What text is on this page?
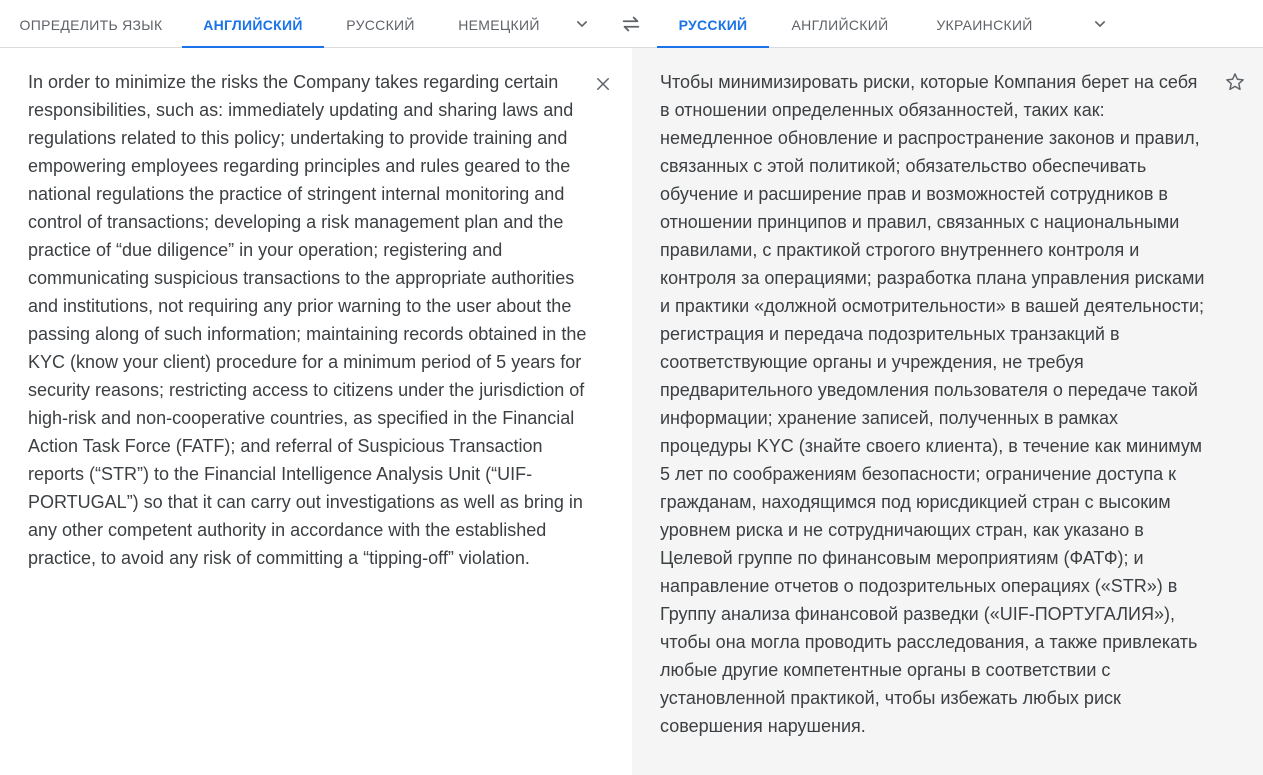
ОПРЕДЕЛИТЬ ЯЗЫК	АНГЛИЙСКИЙ	РУССКИЙ	НЕМЕЦКИЙ	РУССКИЙ	АНГЛИЙСКИЙ	УКРАИНСКИЙ

In order to minimize the risks the Company takes regarding certain responsibilities, such as: immediately updating and sharing laws and regulations related to this policy; undertaking to provide training and empowering employees regarding principles and rules geared to the national regulations the practice of stringent internal monitoring and control of transactions; developing a risk management plan and the practice of “due diligence” in your operation; registering and communicating suspicious transactions to the appropriate authorities and institutions, not requiring any prior warning to the user about the passing along of such information; maintaining records obtained in the KYC (know your client) procedure for a minimum period of 5 years for security reasons; restricting access to citizens under the jurisdiction of high-risk and non-cooperative countries, as specified in the Financial Action Task Force (FATF); and referral of Suspicious Transaction reports (“STR”) to the Financial Intelligence Analysis Unit (“UIF-PORTUGAL”) so that it can carry out investigations as well as bring in any other competent authority in accordance with the established practice, to avoid any risk of committing a “tipping-off” violation.

Чтобы минимизировать риски, которые Компания берет на себя в отношении определенных обязанностей, таких как: немедленное обновление и распространение законов и правил, связанных с этой политикой; обязательство обеспечивать обучение и расширение прав и возможностей сотрудников в отношении принципов и правил, связанных с национальными правилами, с практикой строгого внутреннего контроля и контроля за операциями; разработка плана управления рисками и практики «должной осмотрительности» в вашей деятельности; регистрация и передача подозрительных транзакций в соответствующие органы и учреждения, не требуя предварительного уведомления пользователя о передаче такой информации; хранение записей, полученных в рамках процедуры KYC (знайте своего клиента), в течение как минимум 5 лет по соображениям безопасности; ограничение доступа к гражданам, находящимся под юрисдикцией стран с высоким уровнем риска и не сотрудничающих стран, как указано в Целевой группе по финансовым мероприятиям (ФАТФ); и направление отчетов о подозрительных операциях («STR») в Группу анализа финансовой разведки («UIF-ПОРТУГАЛИЯ»), чтобы она могла проводить расследования, а также привлекать любые другие компетентные органы в соответствии с установленной практикой, чтобы избежать любых риск совершения нарушения.
